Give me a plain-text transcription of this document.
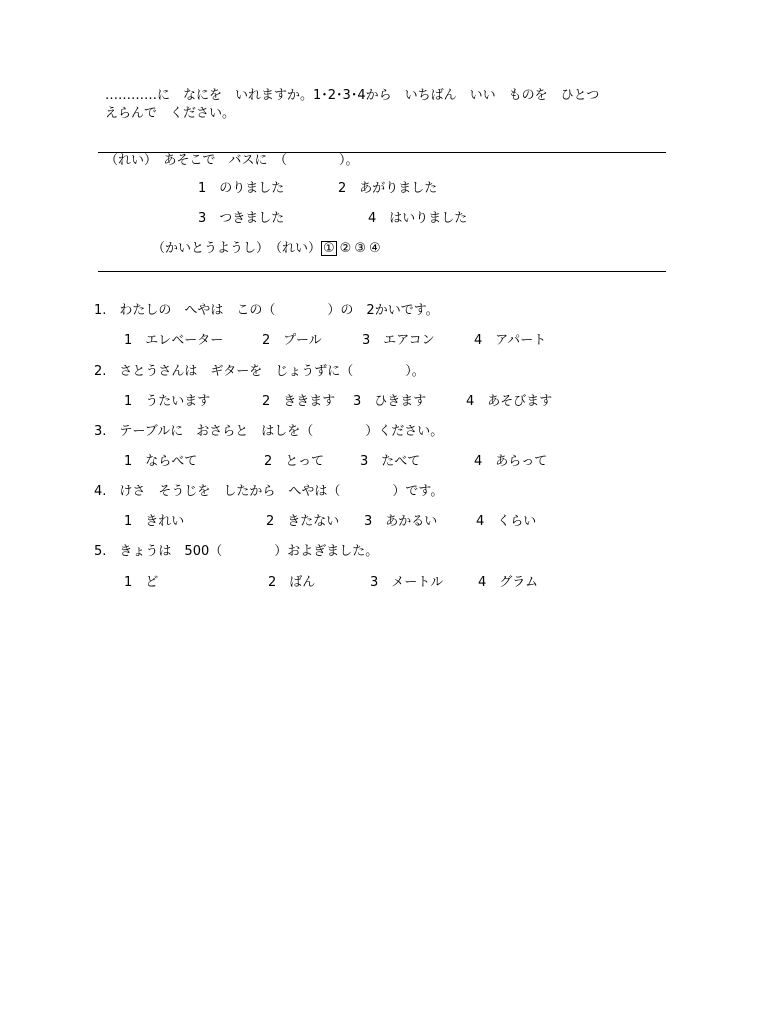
…………に　なにを　いれますか。1･2･3･4から　いちばん　いい　ものを　ひとつ
えらんで　ください。
（れい）　あそこで　バスに　（　　　　）。
1　 のりました	2　 あがりました
3　 つきました	4　 はいりました
（かいとうようし）　（れい） ① ② ③ ④
1.　 わたしの　へやは　この（　　　　）の　2かいです。
1　 エレベーター	2　 プール	3　 エアコン	4　 アパート
2.　 さとうさんは　ギターを　じょうずに（　　　　）。
1　 うたいます	2　 ききます 3　 ひきます	4　 あそびます
3.　 テーブルに　おさらと　はしを（　　　　）ください。
1　 ならべて	2　 とって	3　 たべて	4　 あらって
4.　 けさ　そうじを　したから　へやは（　　　　）です。
1　 きれい	2　 きたない 3　 あかるい	4　 くらい
5.　 きょうは　500（　　　　）およぎました。
1　 ど	2　 ばん	3　 メートル	4　 グラム
